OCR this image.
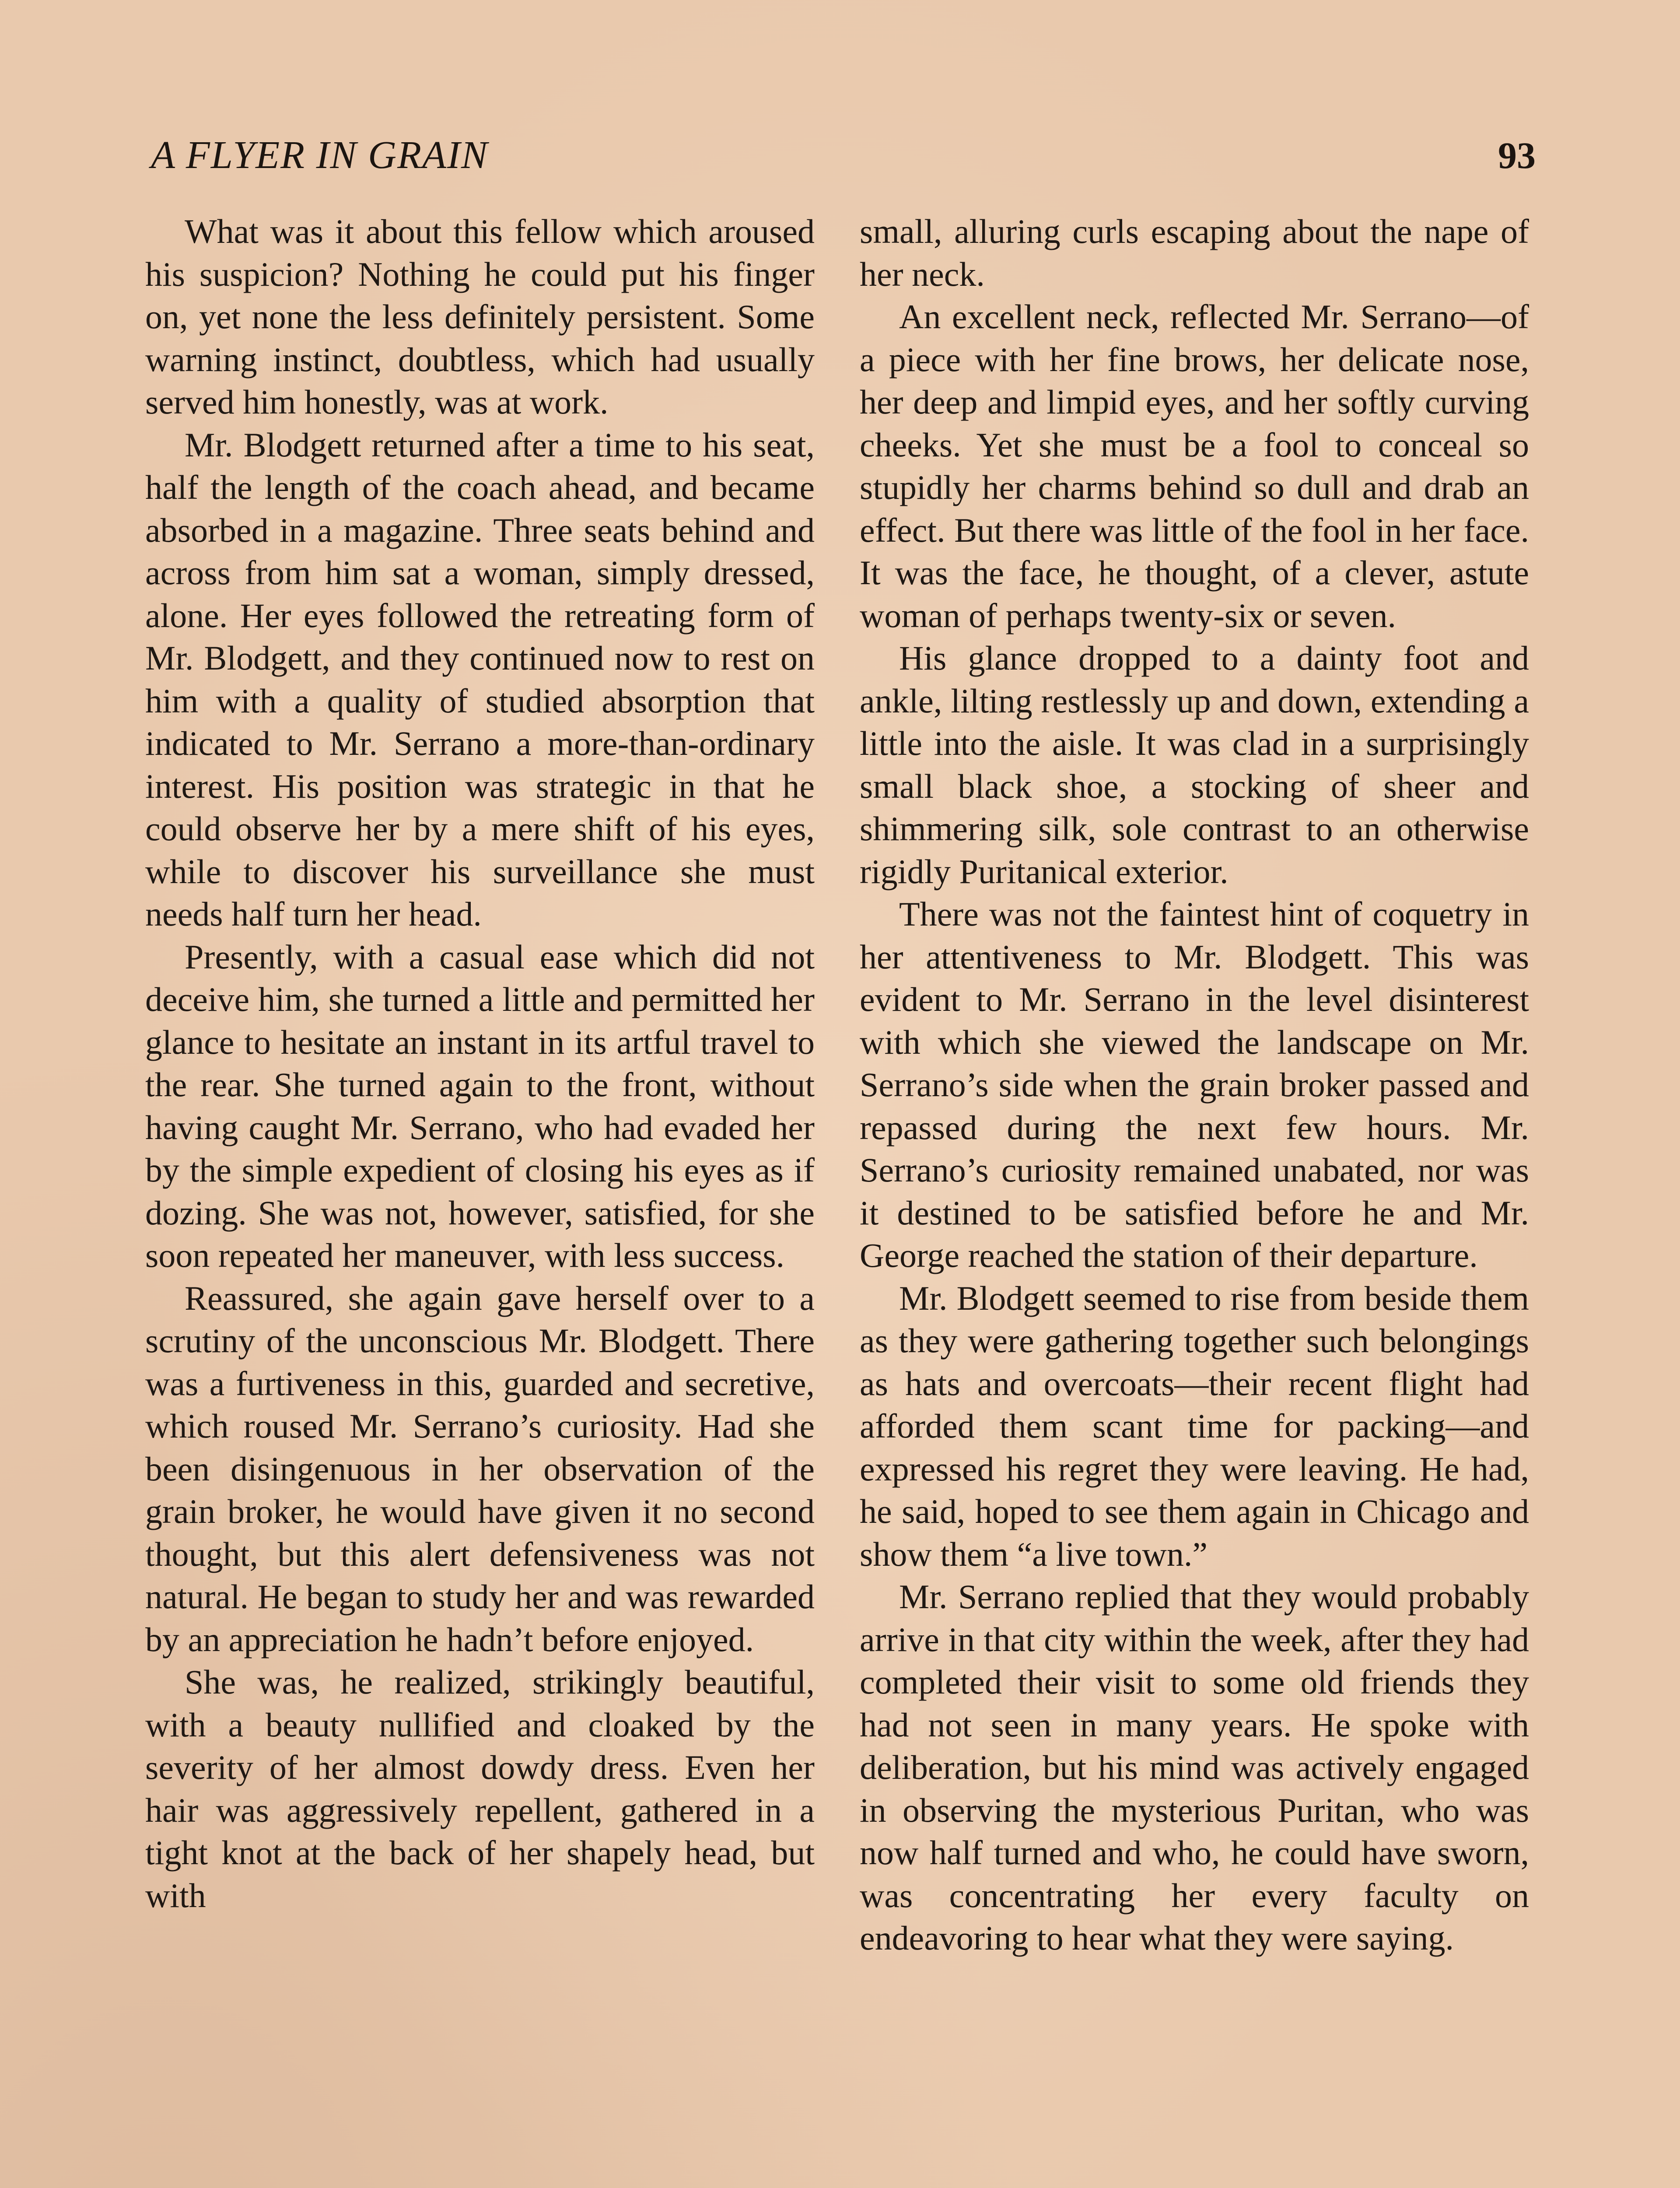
A FLYER IN GRAIN	93

What was it about this fellow which aroused his suspicion? Nothing he could put his finger on, yet none the less definitely persistent. Some warning instinct, doubtless, which had usually served him honestly, was at work.

Mr. Blodgett returned after a time to his seat, half the length of the coach ahead, and became absorbed in a magazine. Three seats behind and across from him sat a woman, simply dressed, alone. Her eyes followed the retreating form of Mr. Blodgett, and they continued now to rest on him with a quality of studied absorption that indicated to Mr. Serrano a more-than-ordinary interest. His position was strategic in that he could observe her by a mere shift of his eyes, while to discover his surveillance she must needs half turn her head.

Presently, with a casual ease which did not deceive him, she turned a little and permitted her glance to hesitate an instant in its artful travel to the rear. She turned again to the front, without having caught Mr. Serrano, who had evaded her by the simple expedient of closing his eyes as if dozing. She was not, however, satisfied, for she soon repeated her maneuver, with less success.

Reassured, she again gave herself over to a scrutiny of the unconscious Mr. Blodgett. There was a furtiveness in this, guarded and secretive, which roused Mr. Serrano’s curiosity. Had she been disingenuous in her observation of the grain broker, he would have given it no second thought, but this alert defensiveness was not natural. He began to study her and was rewarded by an appreciation he hadn’t before enjoyed.

She was, he realized, strikingly beautiful, with a beauty nullified and cloaked by the severity of her almost dowdy dress. Even her hair was aggressively repellent, gathered in a tight knot at the back of her shapely head, but with

small, alluring curls escaping about the nape of her neck.

An excellent neck, reflected Mr. Serrano—of a piece with her fine brows, her delicate nose, her deep and limpid eyes, and her softly curving cheeks. Yet she must be a fool to conceal so stupidly her charms behind so dull and drab an effect. But there was little of the fool in her face. It was the face, he thought, of a clever, astute woman of perhaps twenty-six or seven.

His glance dropped to a dainty foot and ankle, lilting restlessly up and down, extending a little into the aisle. It was clad in a surprisingly small black shoe, a stocking of sheer and shimmering silk, sole contrast to an otherwise rigidly Puritanical exterior.

There was not the faintest hint of coquetry in her attentiveness to Mr. Blodgett. This was evident to Mr. Serrano in the level disinterest with which she viewed the landscape on Mr. Serrano’s side when the grain broker passed and repassed during the next few hours. Mr. Serrano’s curiosity remained unabated, nor was it destined to be satisfied before he and Mr. George reached the station of their departure.

Mr. Blodgett seemed to rise from beside them as they were gathering together such belongings as hats and overcoats—their recent flight had afforded them scant time for packing—and expressed his regret they were leaving. He had, he said, hoped to see them again in Chicago and show them “a live town.”

Mr. Serrano replied that they would probably arrive in that city within the week, after they had completed their visit to some old friends they had not seen in many years. He spoke with deliberation, but his mind was actively engaged in observing the mysterious Puritan, who was now half turned and who, he could have sworn, was concentrating her every faculty on endeavoring to hear what they were saying.
